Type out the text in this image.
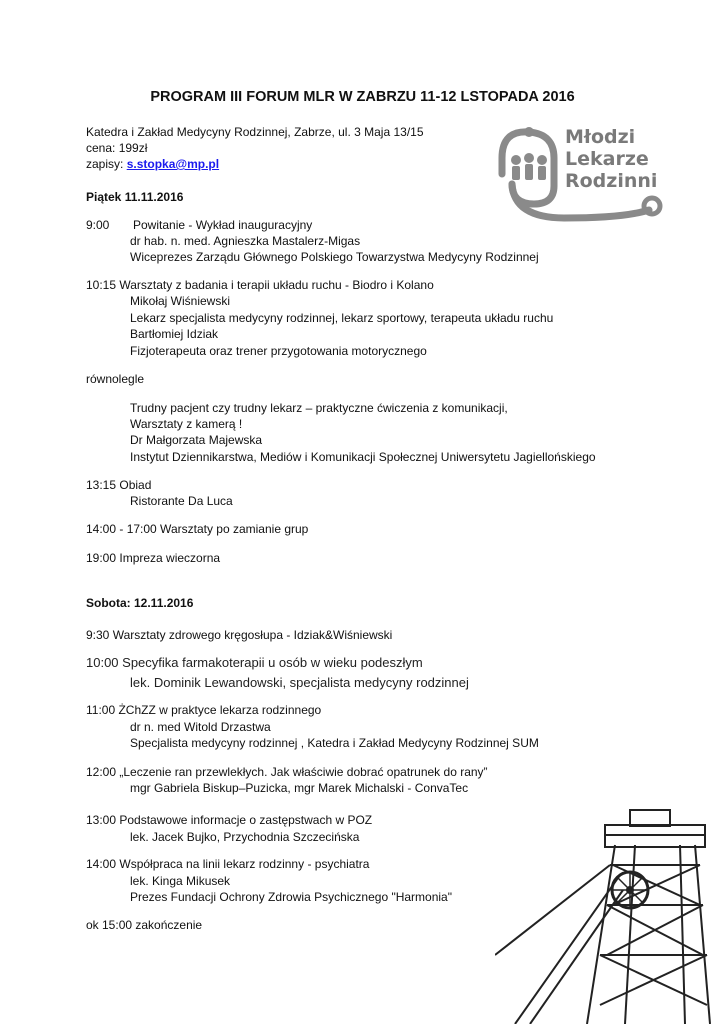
PROGRAM III FORUM MLR W ZABRZU 11-12 LSTOPADA 2016
Katedra i Zakład Medycyny Rodzinnej, Zabrze, ul. 3 Maja 13/15
cena: 199zł
zapisy: s.stopka@mp.pl
Młodzi
Lekarze
Rodzinni
Piątek 11.11.2016
9:00 Powitanie - Wykład inauguracyjny
dr hab. n. med. Agnieszka Mastalerz-Migas
Wiceprezes Zarządu Głównego Polskiego Towarzystwa Medycyny Rodzinnej
10:15 Warsztaty z badania i terapii układu ruchu - Biodro i Kolano
Mikołaj Wiśniewski
Lekarz specjalista medycyny rodzinnej, lekarz sportowy, terapeuta układu ruchu
Bartłomiej Idziak
Fizjoterapeuta oraz trener przygotowania motorycznego
równolegle
Trudny pacjent czy trudny lekarz – praktyczne ćwiczenia z komunikacji,
Warsztaty z kamerą !
Dr Małgorzata Majewska
Instytut Dziennikarstwa, Mediów i Komunikacji Społecznej Uniwersytetu Jagiellońskiego
13:15 Obiad
Ristorante Da Luca
14:00 - 17:00 Warsztaty po zamianie grup
19:00 Impreza wieczorna
Sobota: 12.11.2016
9:30 Warsztaty zdrowego kręgosłupa - Idziak&Wiśniewski
10:00 Specyfika farmakoterapii u osób w wieku podeszłym
lek. Dominik Lewandowski, specjalista medycyny rodzinnej
11:00 ŻChZZ w praktyce lekarza rodzinnego
dr n. med Witold Drzastwa
Specjalista medycyny rodzinnej , Katedra i Zakład Medycyny Rodzinnej SUM
12:00 „Leczenie ran przewlekłych. Jak właściwie dobrać opatrunek do rany”
mgr Gabriela Biskup–Puzicka, mgr Marek Michalski - ConvaTec
13:00 Podstawowe informacje o zastępstwach w POZ
lek. Jacek Bujko, Przychodnia Szczecińska
14:00 Współpraca na linii lekarz rodzinny - psychiatra
lek. Kinga Mikusek
Prezes Fundacji Ochrony Zdrowia Psychicznego "Harmonia"
ok 15:00 zakończenie
